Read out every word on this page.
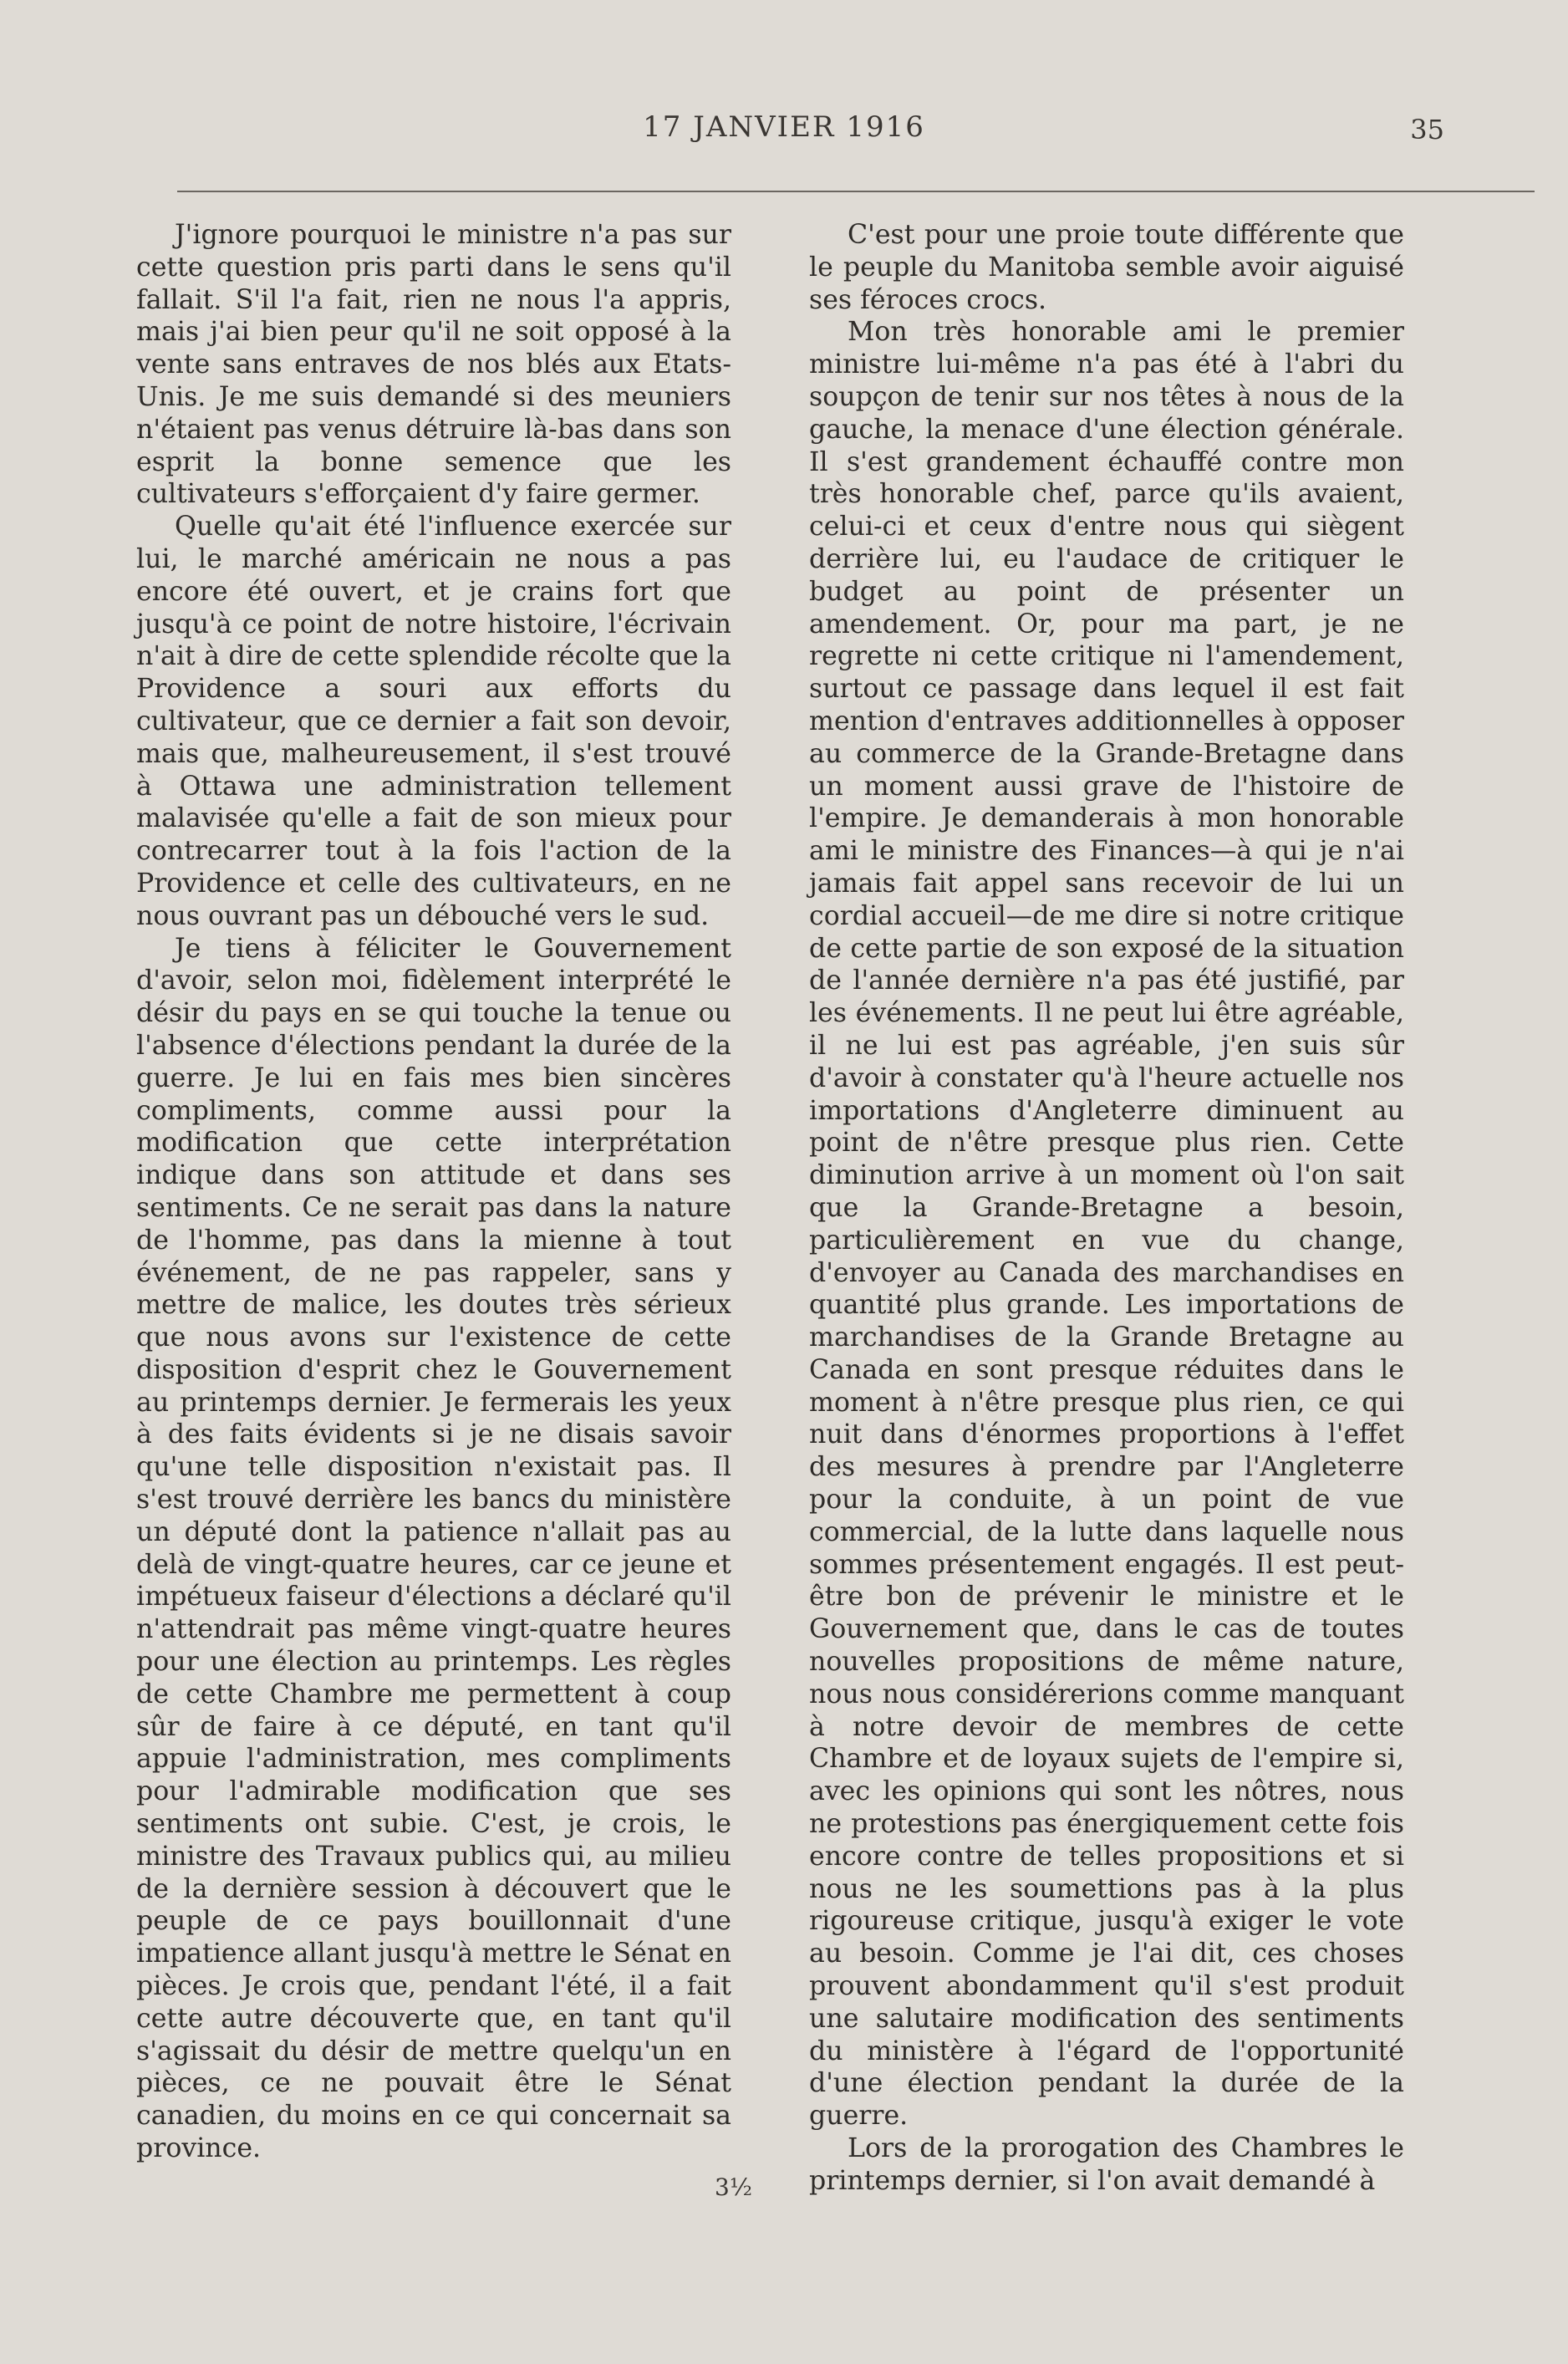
17 JANVIER 1916	35

J'ignore pourquoi le ministre n'a pas sur cette question pris parti dans le sens qu'il fallait. S'il l'a fait, rien ne nous l'a appris, mais j'ai bien peur qu'il ne soit opposé à la vente sans entraves de nos blés aux Etats-Unis. Je me suis demandé si des meuniers n'étaient pas venus détruire là-bas dans son esprit la bonne semence que les cultivateurs s'efforçaient d'y faire germer.

Quelle qu'ait été l'influence exercée sur lui, le marché américain ne nous a pas encore été ouvert, et je crains fort que jusqu'à ce point de notre histoire, l'écrivain n'ait à dire de cette splendide récolte que la Providence a souri aux efforts du cultivateur, que ce dernier a fait son devoir, mais que, malheureusement, il s'est trouvé à Ottawa une administration tellement malavisée qu'elle a fait de son mieux pour contrecarrer tout à la fois l'action de la Providence et celle des cultivateurs, en ne nous ouvrant pas un débouché vers le sud.

Je tiens à féliciter le Gouvernement d'avoir, selon moi, fidèlement interprété le désir du pays en se qui touche la tenue ou l'absence d'élections pendant la durée de la guerre. Je lui en fais mes bien sincères compliments, comme aussi pour la modification que cette interprétation indique dans son attitude et dans ses sentiments. Ce ne serait pas dans la nature de l'homme, pas dans la mienne à tout événement, de ne pas rappeler, sans y mettre de malice, les doutes très sérieux que nous avons sur l'existence de cette disposition d'esprit chez le Gouvernement au printemps dernier. Je fermerais les yeux à des faits évidents si je ne disais savoir qu'une telle disposition n'existait pas. Il s'est trouvé derrière les bancs du ministère un député dont la patience n'allait pas au delà de vingt-quatre heures, car ce jeune et impétueux faiseur d'élections a déclaré qu'il n'attendrait pas même vingt-quatre heures pour une élection au printemps. Les règles de cette Chambre me permettent à coup sûr de faire à ce député, en tant qu'il appuie l'administration, mes compliments pour l'admirable modification que ses sentiments ont subie. C'est, je crois, le ministre des Travaux publics qui, au milieu de la dernière session à découvert que le peuple de ce pays bouillonnait d'une impatience allant jusqu'à mettre le Sénat en pièces. Je crois que, pendant l'été, il a fait cette autre découverte que, en tant qu'il s'agissait du désir de mettre quelqu'un en pièces, ce ne pouvait être le Sénat canadien, du moins en ce qui concernait sa province.

C'est pour une proie toute différente que le peuple du Manitoba semble avoir aiguisé ses féroces crocs.

Mon très honorable ami le premier ministre lui-même n'a pas été à l'abri du soupçon de tenir sur nos têtes à nous de la gauche, la menace d'une élection générale. Il s'est grandement échauffé contre mon très honorable chef, parce qu'ils avaient, celui-ci et ceux d'entre nous qui siègent derrière lui, eu l'audace de critiquer le budget au point de présenter un amendement. Or, pour ma part, je ne regrette ni cette critique ni l'amendement, surtout ce passage dans lequel il est fait mention d'entraves additionnelles à opposer au commerce de la Grande-Bretagne dans un moment aussi grave de l'histoire de l'empire. Je demanderais à mon honorable ami le ministre des Finances—à qui je n'ai jamais fait appel sans recevoir de lui un cordial accueil—de me dire si notre critique de cette partie de son exposé de la situation de l'année dernière n'a pas été justifié, par les événements. Il ne peut lui être agréable, il ne lui est pas agréable, j'en suis sûr d'avoir à constater qu'à l'heure actuelle nos importations d'Angleterre diminuent au point de n'être presque plus rien. Cette diminution arrive à un moment où l'on sait que la Grande-Bretagne a besoin, particulièrement en vue du change, d'envoyer au Canada des marchandises en quantité plus grande. Les importations de marchandises de la Grande Bretagne au Canada en sont presque réduites dans le moment à n'être presque plus rien, ce qui nuit dans d'énormes proportions à l'effet des mesures à prendre par l'Angleterre pour la conduite, à un point de vue commercial, de la lutte dans laquelle nous sommes présentement engagés. Il est peut-être bon de prévenir le ministre et le Gouvernement que, dans le cas de toutes nouvelles propositions de même nature, nous nous considérerions comme manquant à notre devoir de membres de cette Chambre et de loyaux sujets de l'empire si, avec les opinions qui sont les nôtres, nous ne protestions pas énergiquement cette fois encore contre de telles propositions et si nous ne les soumettions pas à la plus rigoureuse critique, jusqu'à exiger le vote au besoin. Comme je l'ai dit, ces choses prouvent abondamment qu'il s'est produit une salutaire modification des sentiments du ministère à l'égard de l'opportunité d'une élection pendant la durée de la guerre.

Lors de la prorogation des Chambres le printemps dernier, si l'on avait demandé à

3½
